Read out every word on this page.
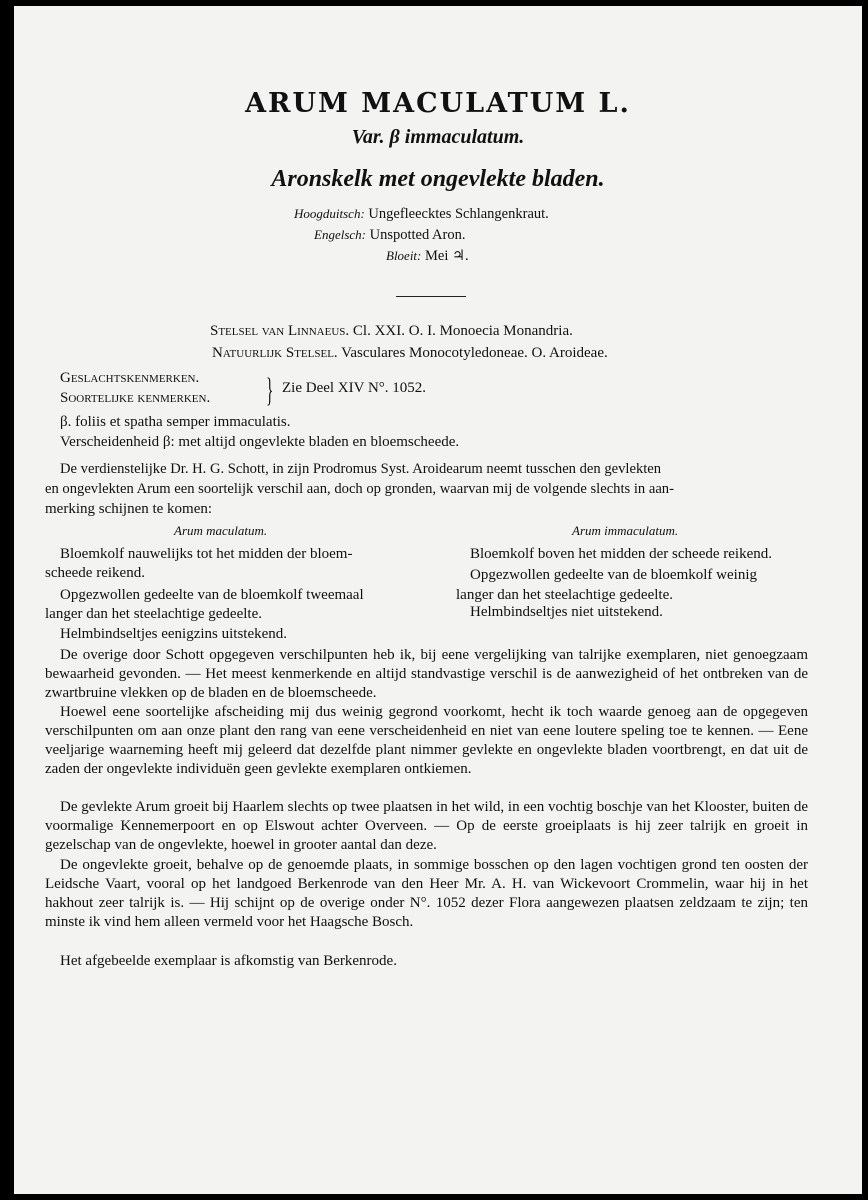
ARUM MACULATUM L.
Var. β immaculatum.
Aronskelk met ongevlekte bladen.
Hoogduitsch: Ungefleecktes Schlangenkraut.
Engelsch: Unspotted Aron.
Bloeit: Mei ♃.
Stelsel van Linnaeus. Cl. XXI. O. I. Monoecia Monandria.
Natuurlijk Stelsel. Vasculares Monocotyledoneae. O. Aroideae.
Geslachtskenmerken.
Soortelijke kenmerken. } Zie Deel XIV N°. 1052.
β. foliis et spatha semper immaculatis.
Verscheidenheid β: met altijd ongevlekte bladen en bloemscheede.
De verdienstelijke Dr. H. G. Schott, in zijn Prodromus Syst. Aroidearum neemt tusschen den gevlekten
en ongevlekten Arum een soortelijk verschil aan, doch op gronden, waarvan mij de volgende slechts in aan-
merking schijnen te komen:
Arum maculatum.	Arum immaculatum.
Bloemkolf nauwelijks tot het midden der bloem-
scheede reikend.
Opgezwollen gedeelte van de bloemkolf tweemaal
langer dan het steelachtige gedeelte.
Helmbindseltjes eenigzins uitstekend.
Bloemkolf boven het midden der scheede reikend.
Opgezwollen gedeelte van de bloemkolf weinig
langer dan het steelachtige gedeelte.
Helmbindseltjes niet uitstekend.
De overige door Schott opgegeven verschilpunten heb ik, bij eene vergelijking van talrijke exemplaren, niet genoegzaam bewaarheid gevonden. — Het meest kenmerkende en altijd standvastige verschil is de aanwezigheid of het ontbreken van de zwartbruine vlekken op de bladen en de bloemscheede.
Hoewel eene soortelijke afscheiding mij dus weinig gegrond voorkomt, hecht ik toch waarde genoeg aan de opgegeven verschilpunten om aan onze plant den rang van eene verscheidenheid en niet van eene loutere speling toe te kennen. — Eene veeljarige waarneming heeft mij geleerd dat dezelfde plant nimmer gevlekte en ongevlekte bladen voortbrengt, en dat uit de zaden der ongevlekte individuën geen gevlekte exemplaren ontkiemen.
De gevlekte Arum groeit bij Haarlem slechts op twee plaatsen in het wild, in een vochtig boschje van het Klooster, buiten de voormalige Kennemerpoort en op Elswout achter Overveen. — Op de eerste groeiplaats is hij zeer talrijk en groeit in gezelschap van de ongevlekte, hoewel in grooter aantal dan deze.
De ongevlekte groeit, behalve op de genoemde plaats, in sommige bosschen op den lagen vochtigen grond ten oosten der Leidsche Vaart, vooral op het landgoed Berkenrode van den Heer Mr. A. H. van Wickevoort Crommelin, waar hij in het hakhout zeer talrijk is. — Hij schijnt op de overige onder N°. 1052 dezer Flora aangewezen plaatsen zeldzaam te zijn; ten minste ik vind hem alleen vermeld voor het Haagsche Bosch.
Het afgebeelde exemplaar is afkomstig van Berkenrode.
